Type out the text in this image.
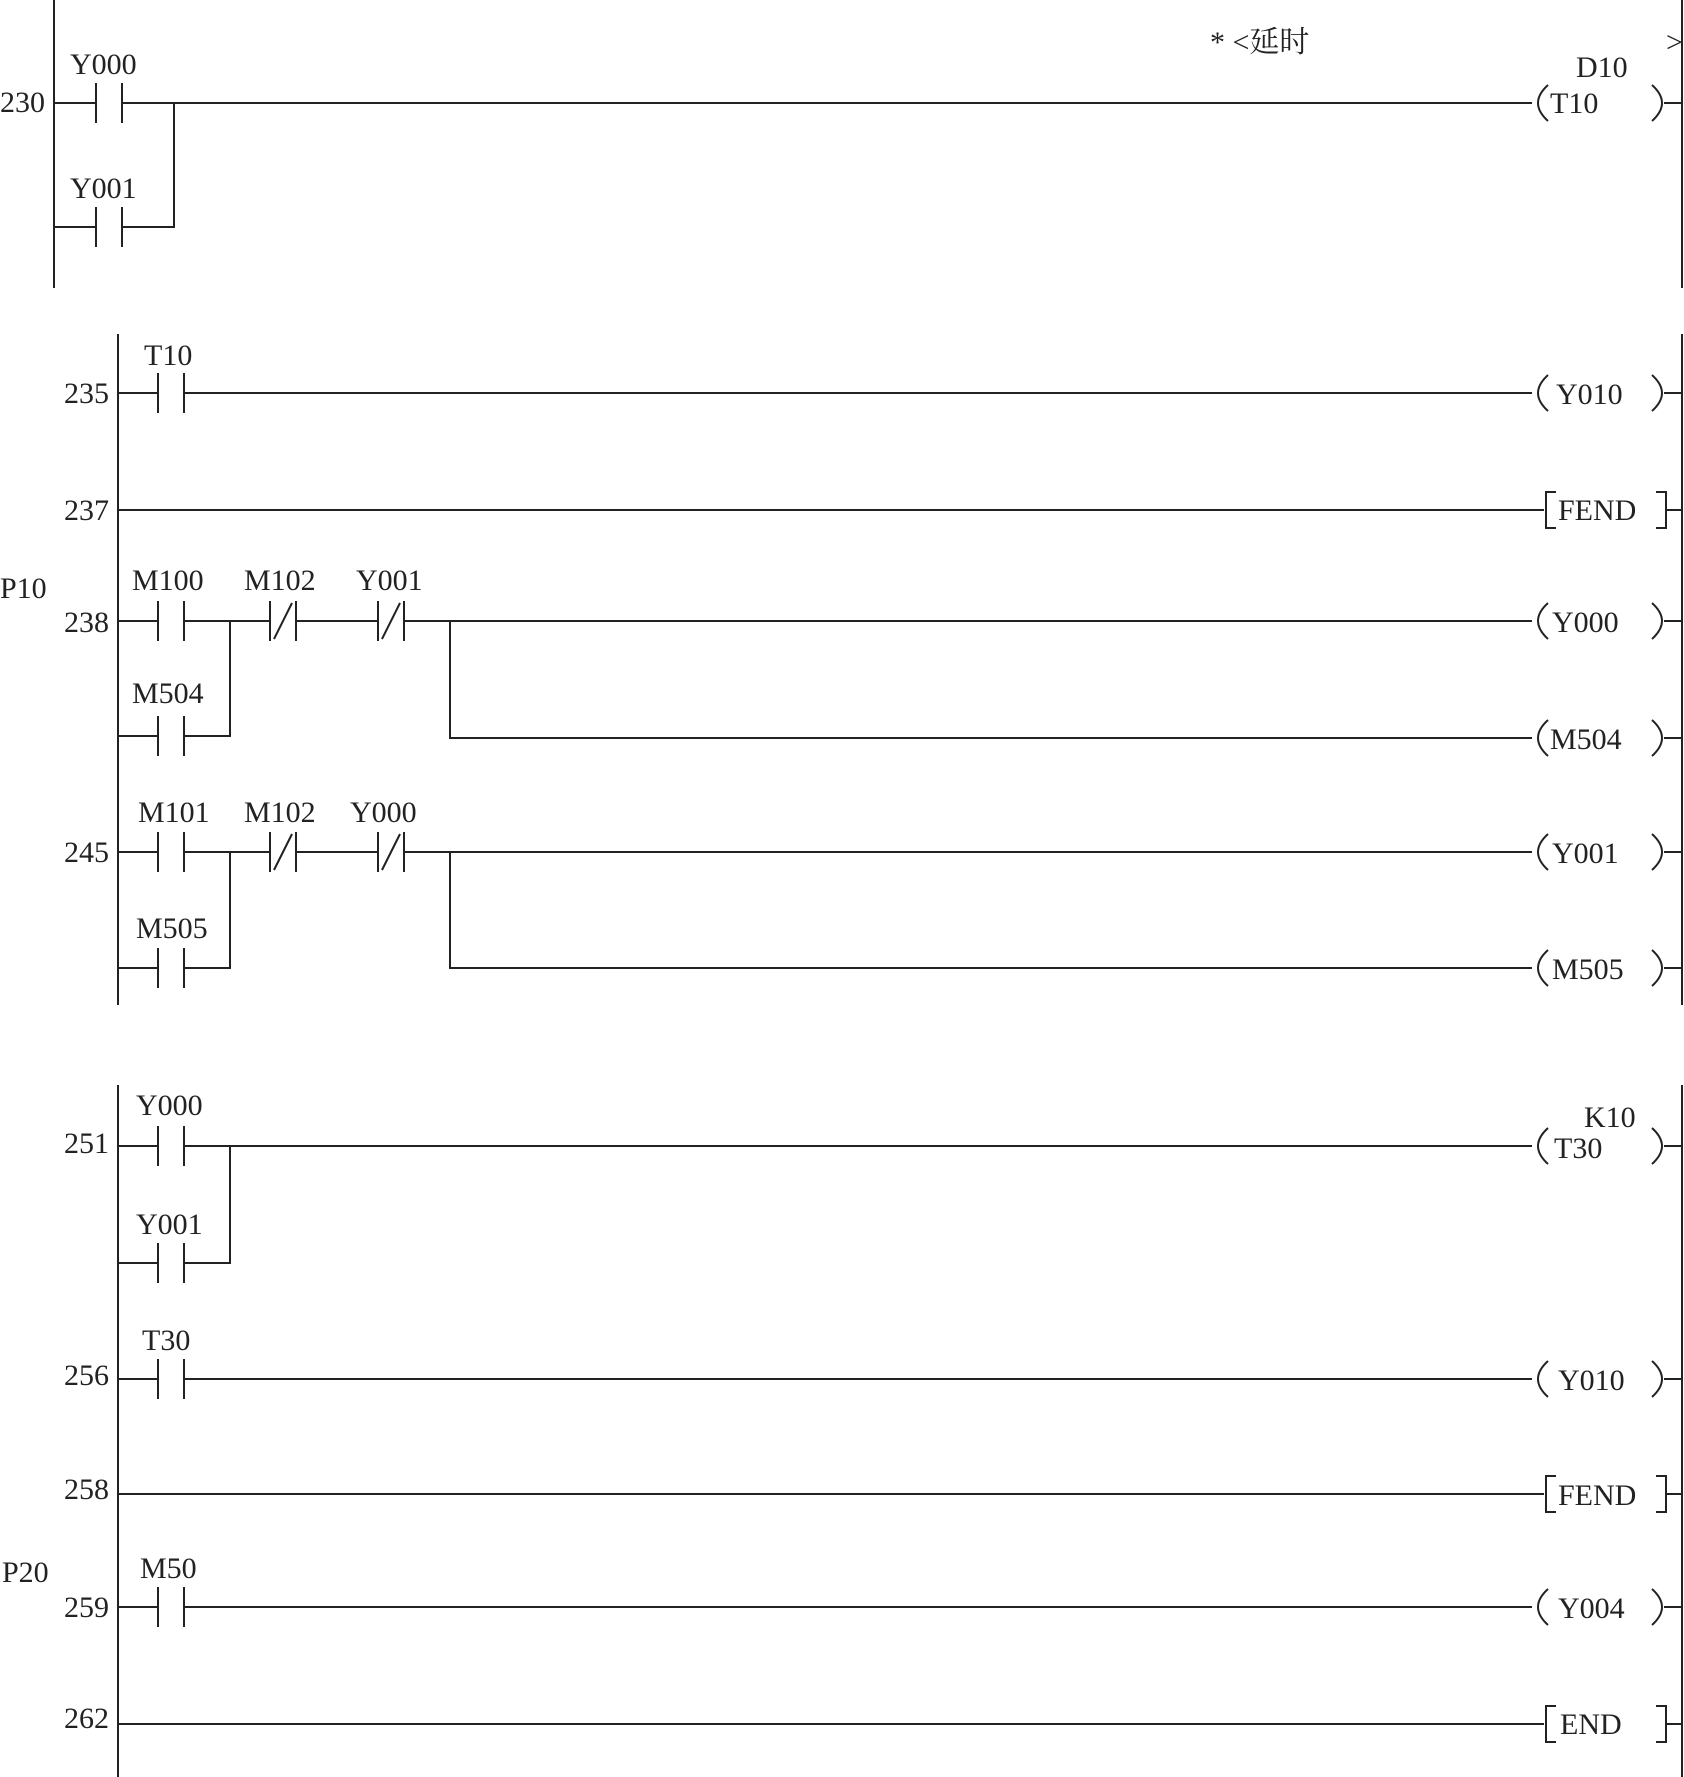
230
* <延时	>
Y000
Y001
D10
T10
235
T10
Y010
237	FEND
P10
238
M100 M102 Y001
M504
Y000
M504
245
M101 M102 Y000
M505
Y001
M505
251
Y000
Y001
K10
T30
256
T30
Y010
258	FEND
P20
259
M50
Y004
262	END
